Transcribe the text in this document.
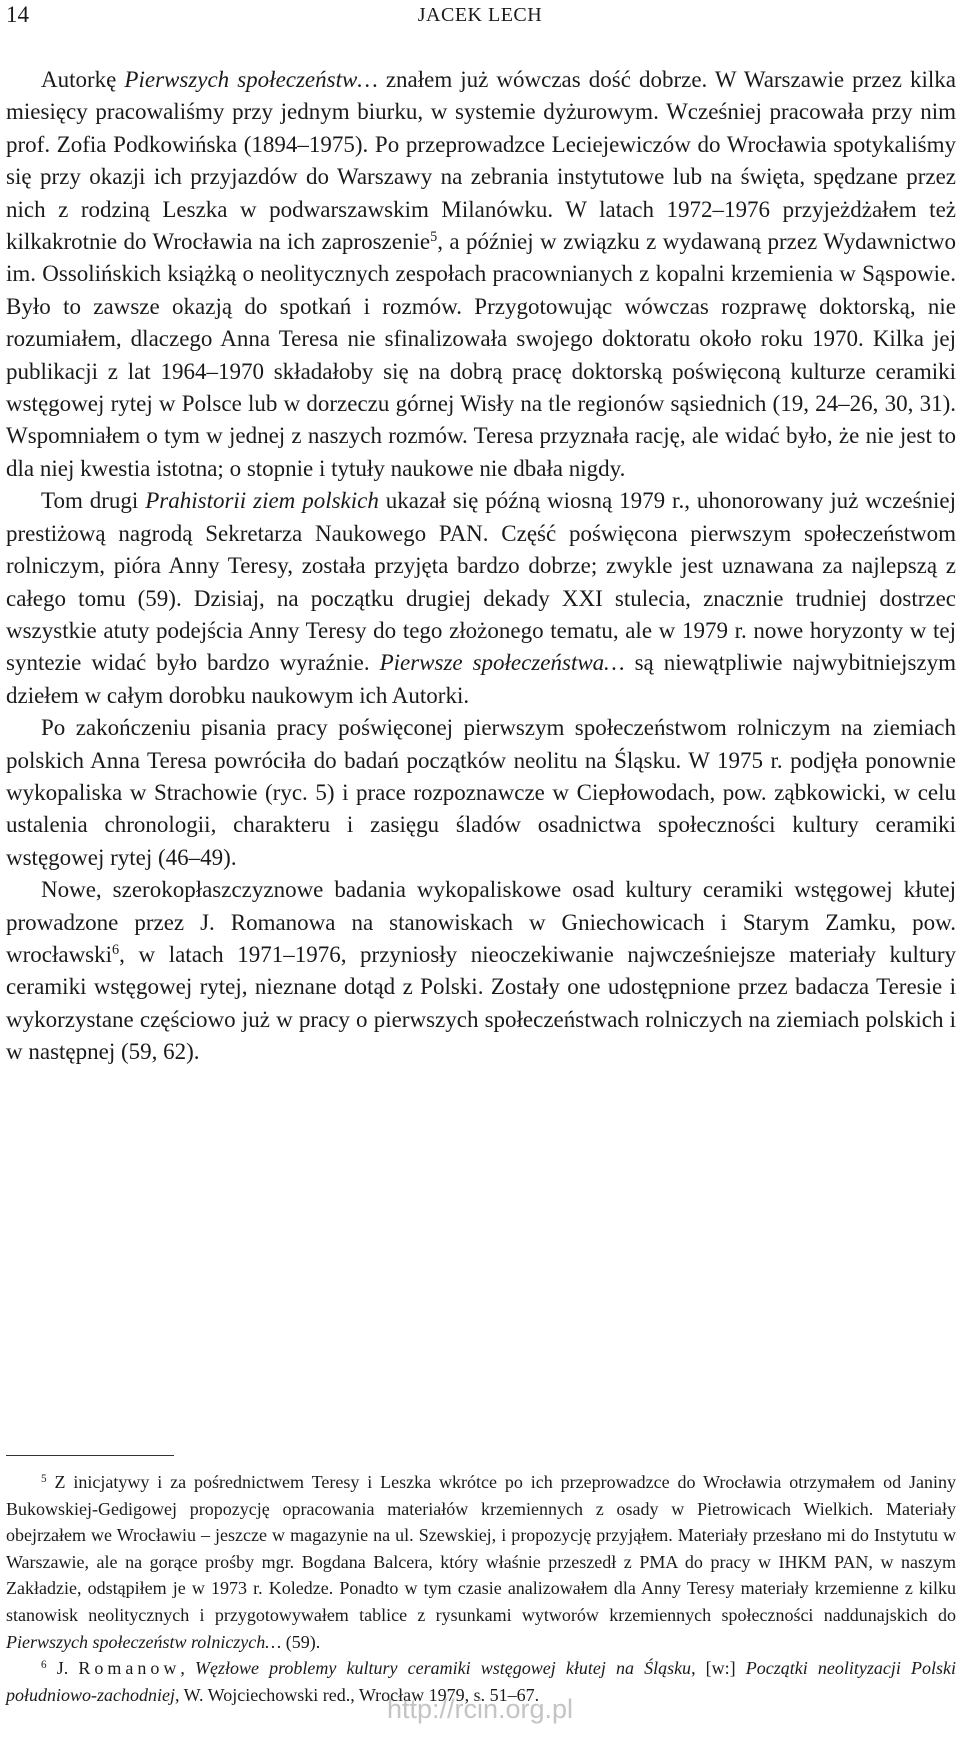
14	JACEK LECH

Autorkę Pierwszych społeczeństw… znałem już wówczas dość dobrze. W Warszawie przez kilka miesięcy pracowaliśmy przy jednym biurku, w systemie dyżurowym. Wcześniej pracowała przy nim prof. Zofia Podkowińska (1894–1975). Po przeprowadzce Leciejewiczów do Wrocławia spotykaliśmy się przy okazji ich przyjazdów do Warszawy na zebrania instytutowe lub na święta, spędzane przez nich z rodziną Leszka w podwarszawskim Milanówku. W latach 1972–1976 przyjeżdżałem też kilkakrotnie do Wrocławia na ich zaproszenie$^5$, a później w związku z wydawaną przez Wydawnictwo im. Ossolińskich książką o neolitycznych zespołach pracownianych z kopalni krzemienia w Sąspowie. Było to zawsze okazją do spotkań i rozmów. Przygotowując wówczas rozprawę doktorską, nie rozumiałem, dlaczego Anna Teresa nie sfinalizowała swojego doktoratu około roku 1970. Kilka jej publikacji z lat 1964–1970 składałoby się na dobrą pracę doktorską poświęconą kulturze ceramiki wstęgowej rytej w Polsce lub w dorzeczu górnej Wisły na tle regionów sąsiednich (19, 24–26, 30, 31). Wspomniałem o tym w jednej z naszych rozmów. Teresa przyznała rację, ale widać było, że nie jest to dla niej kwestia istotna; o stopnie i tytuły naukowe nie dbała nigdy.

Tom drugi Prahistorii ziem polskich ukazał się późną wiosną 1979 r., uhonorowany już wcześniej prestiżową nagrodą Sekretarza Naukowego PAN. Część poświęcona pierwszym społeczeństwom rolniczym, pióra Anny Teresy, została przyjęta bardzo dobrze; zwykle jest uznawana za najlepszą z całego tomu (59). Dzisiaj, na początku drugiej dekady XXI stulecia, znacznie trudniej dostrzec wszystkie atuty podejścia Anny Teresy do tego złożonego tematu, ale w 1979 r. nowe horyzonty w tej syntezie widać było bardzo wyraźnie. Pierwsze społeczeństwa… są niewątpliwie najwybitniejszym dziełem w całym dorobku naukowym ich Autorki.

Po zakończeniu pisania pracy poświęconej pierwszym społeczeństwom rolniczym na ziemiach polskich Anna Teresa powróciła do badań początków neolitu na Śląsku. W 1975 r. podjęła ponownie wykopaliska w Strachowie (ryc. 5) i prace rozpoznawcze w Ciepłowodach, pow. ząbkowicki, w celu ustalenia chronologii, charakteru i zasięgu śladów osadnictwa społeczności kultury ceramiki wstęgowej rytej (46–49).

Nowe, szerokopłaszczyznowe badania wykopaliskowe osad kultury ceramiki wstęgowej kłutej prowadzone przez J. Romanowa na stanowiskach w Gniechowicach i Starym Zamku, pow. wrocławski$^6$, w latach 1971–1976, przyniosły nieoczekiwanie najwcześniejsze materiały kultury ceramiki wstęgowej rytej, nieznane dotąd z Polski. Zostały one udostępnione przez badacza Teresie i wykorzystane częściowo już w pracy o pierwszych społeczeństwach rolniczych na ziemiach polskich i w następnej (59, 62).

$^5$ Z inicjatywy i za pośrednictwem Teresy i Leszka wkrótce po ich przeprowadzce do Wrocławia otrzymałem od Janiny Bukowskiej-Gedigowej propozycję opracowania materiałów krzemiennych z osady w Pietrowicach Wielkich. Materiały obejrzałem we Wrocławiu – jeszcze w magazynie na ul. Szewskiej, i propozycję przyjąłem. Materiały przesłano mi do Instytutu w Warszawie, ale na gorące prośby mgr. Bogdana Balcera, który właśnie przeszedł z PMA do pracy w IHKM PAN, w naszym Zakładzie, odstąpiłem je w 1973 r. Koledze. Ponadto w tym czasie analizowałem dla Anny Teresy materiały krzemienne z kilku stanowisk neolitycznych i przygotowywałem tablice z rysunkami wytworów krzemiennych społeczności naddunajskich do Pierwszych społeczeństw rolniczych… (59).

$^6$ J. Romanow, Węzłowe problemy kultury ceramiki wstęgowej kłutej na Śląsku, [w:] Początki neolityzacji Polski południowo-zachodniej, W. Wojciechowski red., Wrocław 1979, s. 51–67.

http://rcin.org.pl
